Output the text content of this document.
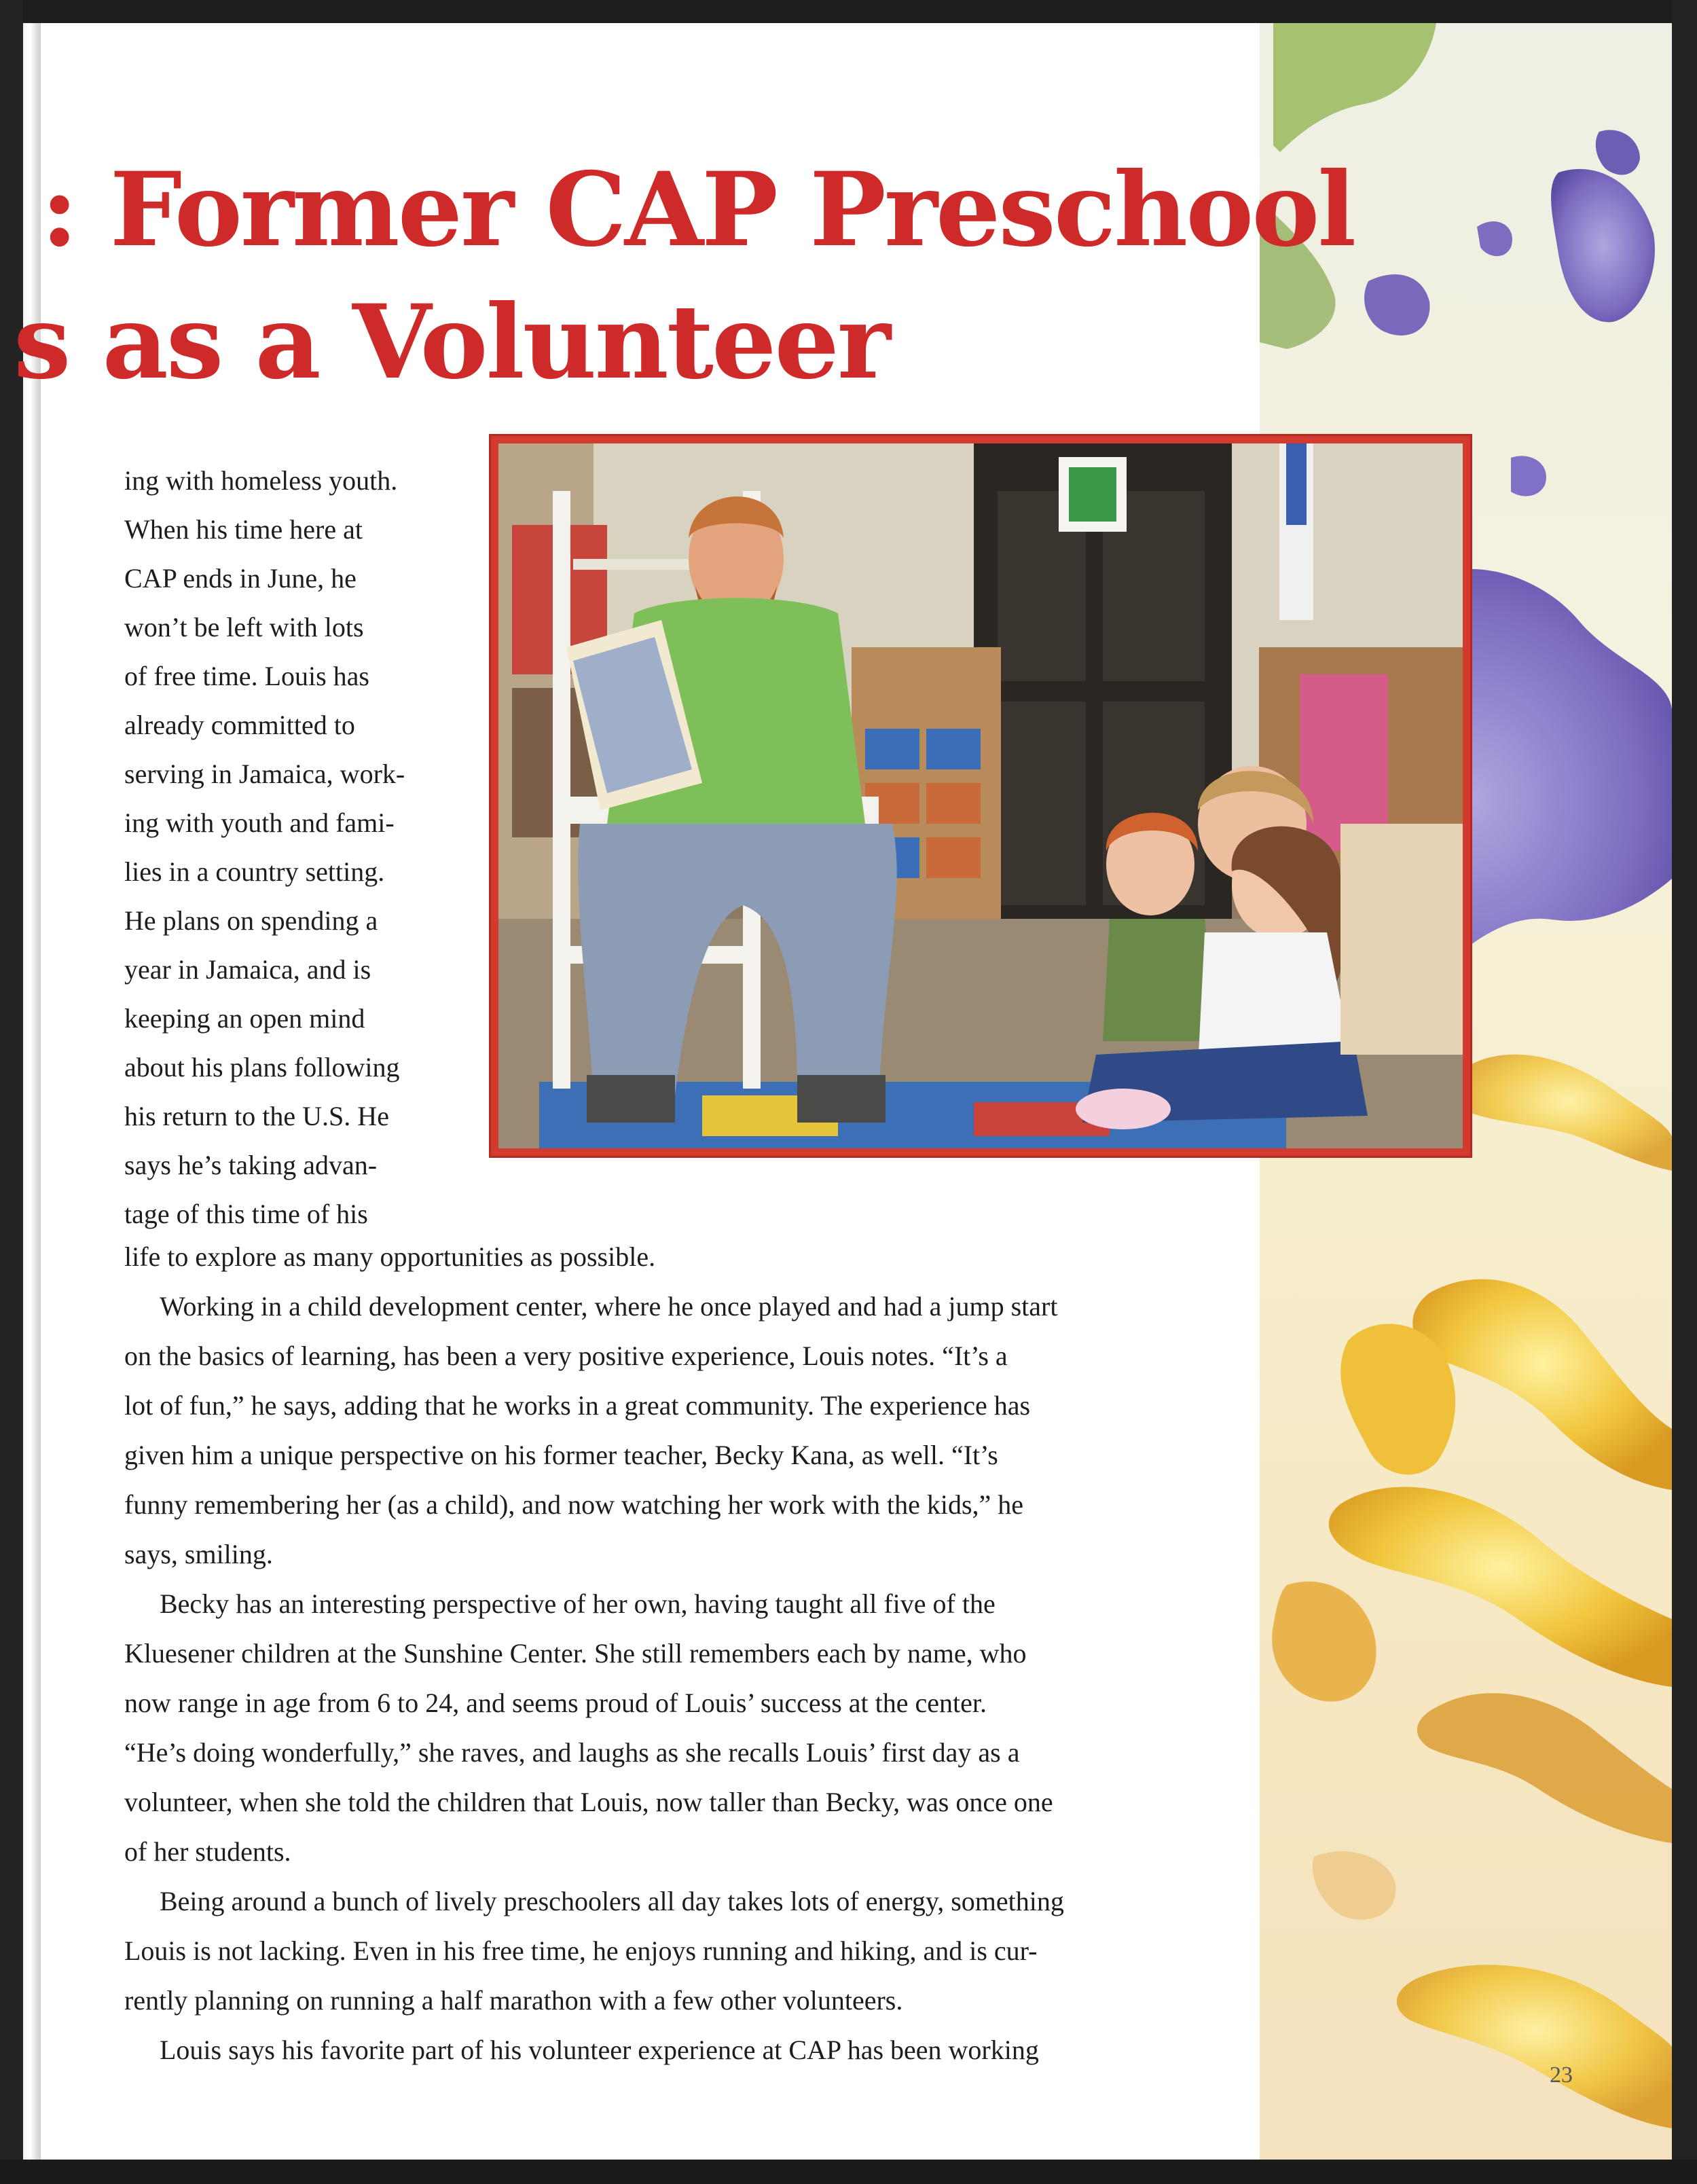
: Former CAP Preschool
s as a Volunteer
ing with homeless youth.
When his time here at
CAP ends in June, he
won’t be left with lots
of free time. Louis has
already committed to
serving in Jamaica, work-
ing with youth and fami-
lies in a country setting.
He plans on spending a
year in Jamaica, and is
keeping an open mind
about his plans following
his return to the U.S. He
says he’s taking advan-
tage of this time of his
life to explore as many opportunities as possible.
Working in a child development center, where he once played and had a jump start
on the basics of learning, has been a very positive experience, Louis notes. “It’s a
lot of fun,” he says, adding that he works in a great community. The experience has
given him a unique perspective on his former teacher, Becky Kana, as well. “It’s
funny remembering her (as a child), and now watching her work with the kids,” he
says, smiling.
Becky has an interesting perspective of her own, having taught all five of the
Kluesener children at the Sunshine Center. She still remembers each by name, who
now range in age from 6 to 24, and seems proud of Louis’ success at the center.
“He’s doing wonderfully,” she raves, and laughs as she recalls Louis’ first day as a
volunteer, when she told the children that Louis, now taller than Becky, was once one
of her students.
Being around a bunch of lively preschoolers all day takes lots of energy, something
Louis is not lacking. Even in his free time, he enjoys running and hiking, and is cur-
rently planning on running a half marathon with a few other volunteers.
Louis says his favorite part of his volunteer experience at CAP has been working
23
